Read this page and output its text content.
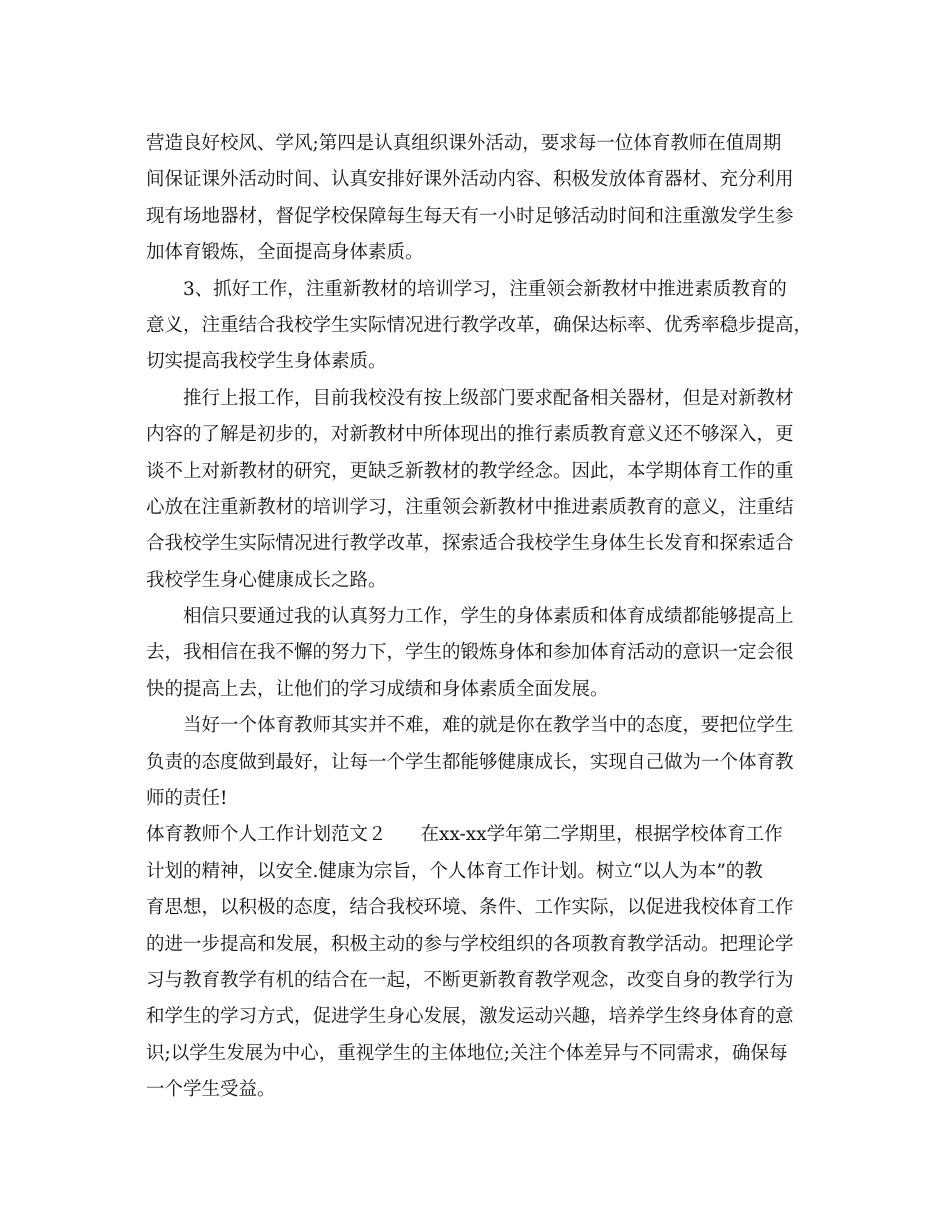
营造良好校风、学风;第四是认真组织课外活动，要求每一位体育教师在值周期
间保证课外活动时间、认真安排好课外活动内容、积极发放体育器材、充分利用
现有场地器材，督促学校保障每生每天有一小时足够活动时间和注重激发学生参
加体育锻炼，全面提高身体素质。
3、抓好工作，注重新教材的培训学习，注重领会新教材中推进素质教育的
意义，注重结合我校学生实际情况进行教学改革，确保达标率、优秀率稳步提高，
切实提高我校学生身体素质。
推行上报工作，目前我校没有按上级部门要求配备相关器材，但是对新教材
内容的了解是初步的，对新教材中所体现出的推行素质教育意义还不够深入，更
谈不上对新教材的研究，更缺乏新教材的教学经念。因此，本学期体育工作的重
心放在注重新教材的培训学习，注重领会新教材中推进素质教育的意义，注重结
合我校学生实际情况进行教学改革，探索适合我校学生身体生长发育和探索适合
我校学生身心健康成长之路。
相信只要通过我的认真努力工作，学生的身体素质和体育成绩都能够提高上
去，我相信在我不懈的努力下，学生的锻炼身体和参加体育活动的意识一定会很
快的提高上去，让他们的学习成绩和身体素质全面发展。
当好一个体育教师其实并不难，难的就是你在教学当中的态度，要把位学生
负责的态度做到最好，让每一个学生都能够健康成长，实现自己做为一个体育教
师的责任!
体育教师个人工作计划范文２ 在xx-xx学年第二学期里，根据学校体育工作
计划的精神，以安全.健康为宗旨，个人体育工作计划。树立“以人为本”的教
育思想，以积极的态度，结合我校环境、条件、工作实际，以促进我校体育工作
的进一步提高和发展，积极主动的参与学校组织的各项教育教学活动。把理论学
习与教育教学有机的结合在一起，不断更新教育教学观念，改变自身的教学行为
和学生的学习方式，促进学生身心发展，激发运动兴趣，培养学生终身体育的意
识;以学生发展为中心，重视学生的主体地位;关注个体差异与不同需求，确保每
一个学生受益。
